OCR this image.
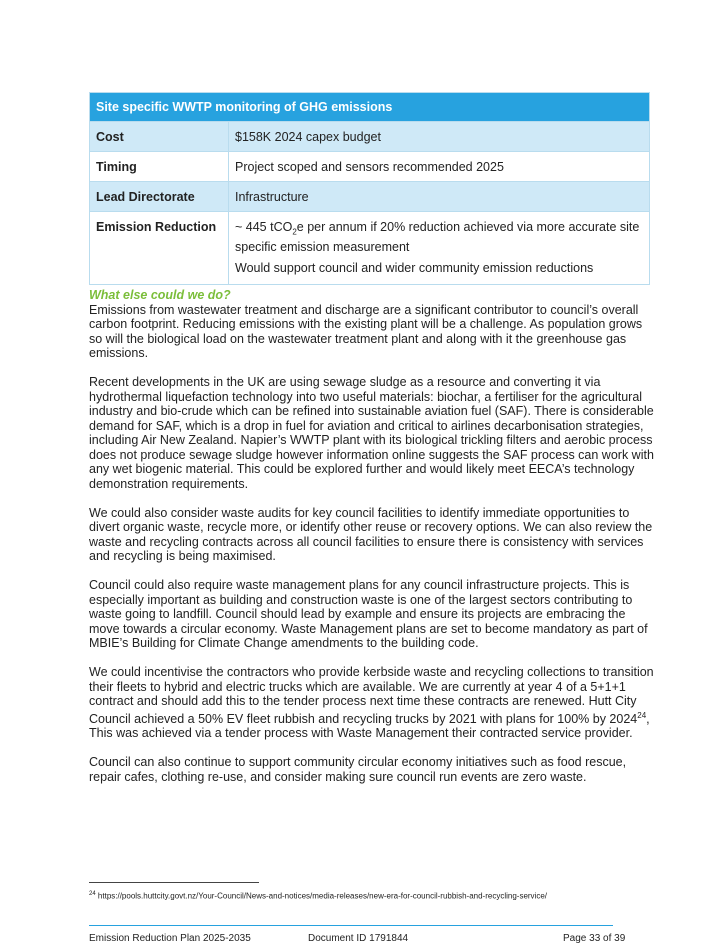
Site specific WWTP monitoring of GHG emissions	
Cost	$158K 2024 capex budget
Timing	Project scoped and sensors recommended 2025
Lead Directorate	Infrastructure
Emission Reduction	~ 445 tCO$_2$e per annum if 20% reduction achieved via more accurate site specific emission measurement

Would support council and wider community emission reductions

What else could we do?

Emissions from wastewater treatment and discharge are a significant contributor to council’s overall carbon footprint. Reducing emissions with the existing plant will be a challenge. As population grows so will the biological load on the wastewater treatment plant and along with it the greenhouse gas emissions.

Recent developments in the UK are using sewage sludge as a resource and converting it via hydrothermal liquefaction technology into two useful materials: biochar, a fertiliser for the agricultural industry and bio-crude which can be refined into sustainable aviation fuel (SAF). There is considerable demand for SAF, which is a drop in fuel for aviation and critical to airlines decarbonisation strategies, including Air New Zealand. Napier’s WWTP plant with its biological trickling filters and aerobic process does not produce sewage sludge however information online suggests the SAF process can work with any wet biogenic material. This could be explored further and would likely meet EECA’s technology demonstration requirements.

We could also consider waste audits for key council facilities to identify immediate opportunities to divert organic waste, recycle more, or identify other reuse or recovery options. We can also review the waste and recycling contracts across all council facilities to ensure there is consistency with services and recycling is being maximised.

Council could also require waste management plans for any council infrastructure projects. This is especially important as building and construction waste is one of the largest sectors contributing to waste going to landfill. Council should lead by example and ensure its projects are embracing the move towards a circular economy. Waste Management plans are set to become mandatory as part of MBIE’s Building for Climate Change amendments to the building code.

We could incentivise the contractors who provide kerbside waste and recycling collections to transition their fleets to hybrid and electric trucks which are available. We are currently at year 4 of a 5+1+1 contract and should add this to the tender process next time these contracts are renewed. Hutt City Council achieved a 50% EV fleet rubbish and recycling trucks by 2021 with plans for 100% by 2024$^{24}$, This was achieved via a tender process with Waste Management their contracted service provider.

Council can also continue to support community circular economy initiatives such as food rescue, repair cafes, clothing re-use, and consider making sure council run events are zero waste.

$^{24}$ https://pools.huttcity.govt.nz/Your-Council/News-and-notices/media-releases/new-era-for-council-rubbish-and-recycling-service/
Emission Reduction Plan 2025-2035	Document ID 1791844	Page 33 of 39
